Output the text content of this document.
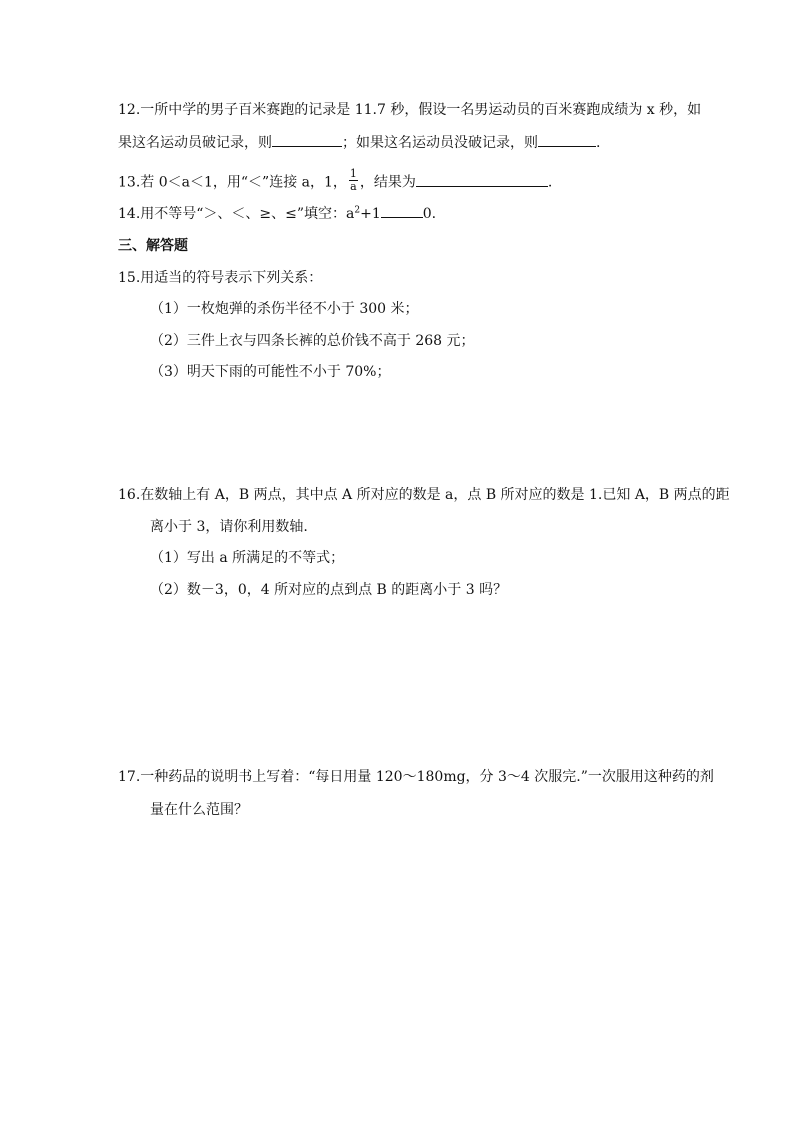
12.一所中学的男子百米赛跑的记录是 11.7 秒，假设一名男运动员的百米赛跑成绩为 x 秒，如
果这名运动员破记录，则	；如果这名运动员没破记录，则	.
13.若 0＜a＜1，用“＜”连接 a，1， $\frac{1}{a}$ ，结果为	.
14.用不等号“＞、＜、≥、≤”填空：$a^2+1$	0.
三、解答题
15.用适当的符号表示下列关系：
（1）一枚炮弹的杀伤半径不小于 300 米；
（2）三件上衣与四条长裤的总价钱不高于 268 元；
（3）明天下雨的可能性不小于 70%；
16.在数轴上有 A，B 两点，其中点 A 所对应的数是 a，点 B 所对应的数是 1.已知 A，B 两点的距
离小于 3，请你利用数轴.
（1）写出 a 所满足的不等式；
（2）数－3，0，4 所对应的点到点 B 的距离小于 3 吗？
17.一种药品的说明书上写着：“每日用量 120～180mg，分 3～4 次服完.”一次服用这种药的剂
量在什么范围？
